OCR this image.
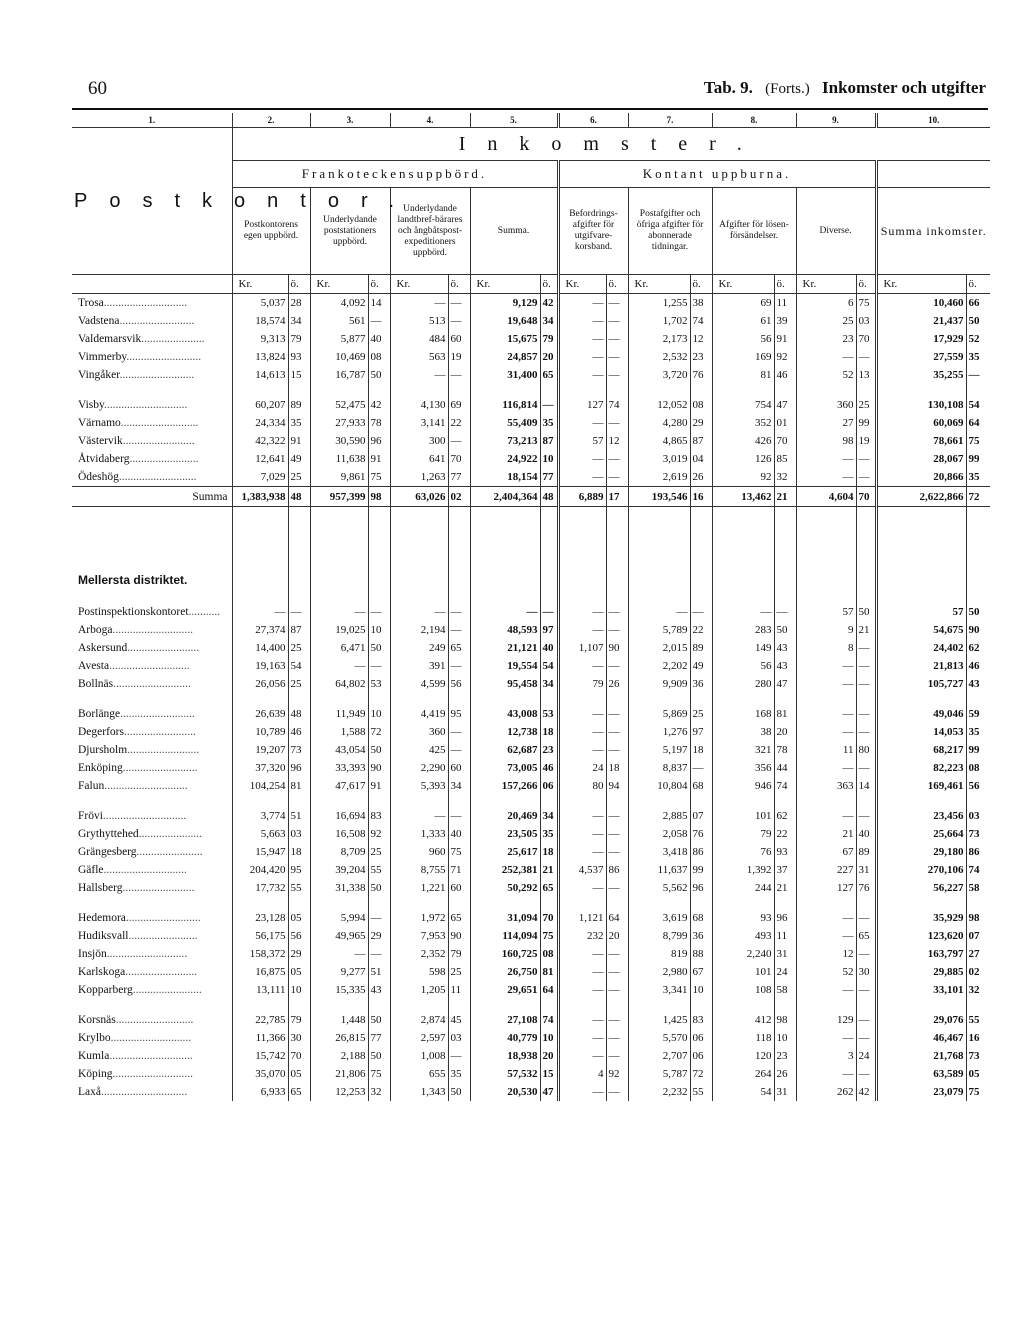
60	Tab. 9. (Forts.) Inkomster och utgifter
1.	2.		3.		4.		5.		6.		7.		8.		9.		10.	
Postkontor.	Inkomster.																	
	Frankoteckensuppbörd.								Kontant uppburna.									
	Postkontorens egen uppbörd.		Underlydande poststationers uppbörd.		Underlydande landtbref-bärares och ångbåtspost-expeditioners uppbörd.		Summa.		Befordrings-afgifter för utgifvare-korsband.		Postafgifter och öfriga afgifter för abonnerade tidningar.		Afgifter för lösen-försändelser.		Diverse.		Summa inkomster.	
	Kr.	ö.	Kr.	ö.	Kr.	ö.	Kr.	ö.	Kr.	ö.	Kr.	ö.	Kr.	ö.	Kr.	ö.	Kr.	ö.
Trosa.............................	5,037	28	4,092	14	—	—	9,129	42	—	—	1,255	38	69	11	6	75	10,460	66
Vadstena..........................	18,574	34	561	—	513	—	19,648	34	—	—	1,702	74	61	39	25	03	21,437	50
Valdemarsvik......................	9,313	79	5,877	40	484	60	15,675	79	—	—	2,173	12	56	91	23	70	17,929	52
Vimmerby..........................	13,824	93	10,469	08	563	19	24,857	20	—	—	2,532	23	169	92	—	—	27,559	35
Vingåker..........................	14,613	15	16,787	50	—	—	31,400	65	—	—	3,720	76	81	46	52	13	35,255	—

Visby.............................	60,207	89	52,475	42	4,130	69	116,814	—	127	74	12,052	08	754	47	360	25	130,108	54
Värnamo...........................	24,334	35	27,933	78	3,141	22	55,409	35	—	—	4,280	29	352	01	27	99	60,069	64
Västervik.........................	42,322	91	30,590	96	300	—	73,213	87	57	12	4,865	87	426	70	98	19	78,661	75
Åtvidaberg........................	12,641	49	11,638	91	641	70	24,922	10	—	—	3,019	04	126	85	—	—	28,067	99
Ödeshög...........................	7,029	25	9,861	75	1,263	77	18,154	77	—	—	2,619	26	92	32	—	—	20,866	35
Summa	1,383,938	48	957,399	98	63,026	02	2,404,364	48	6,889	17	193,546	16	13,462	21	4,604	70	2,622,866	72

Mellersta distriktet.																		

Postinspektionskontoret...........	—	—	—	—	—	—	—	—	—	—	—	—	—	—	57	50	57	50
Arboga............................	27,374	87	19,025	10	2,194	—	48,593	97	—	—	5,789	22	283	50	9	21	54,675	90
Askersund.........................	14,400	25	6,471	50	249	65	21,121	40	1,107	90	2,015	89	149	43	8	—	24,402	62
Avesta............................	19,163	54	—	—	391	—	19,554	54	—	—	2,202	49	56	43	—	—	21,813	46
Bollnäs...........................	26,056	25	64,802	53	4,599	56	95,458	34	79	26	9,909	36	280	47	—	—	105,727	43

Borlänge..........................	26,639	48	11,949	10	4,419	95	43,008	53	—	—	5,869	25	168	81	—	—	49,046	59
Degerfors.........................	10,789	46	1,588	72	360	—	12,738	18	—	—	1,276	97	38	20	—	—	14,053	35
Djursholm.........................	19,207	73	43,054	50	425	—	62,687	23	—	—	5,197	18	321	78	11	80	68,217	99
Enköping..........................	37,320	96	33,393	90	2,290	60	73,005	46	24	18	8,837	—	356	44	—	—	82,223	08
Falun.............................	104,254	81	47,617	91	5,393	34	157,266	06	80	94	10,804	68	946	74	363	14	169,461	56

Frövi.............................	3,774	51	16,694	83	—	—	20,469	34	—	—	2,885	07	101	62	—	—	23,456	03
Grythyttehed......................	5,663	03	16,508	92	1,333	40	23,505	35	—	—	2,058	76	79	22	21	40	25,664	73
Grängesberg.......................	15,947	18	8,709	25	960	75	25,617	18	—	—	3,418	86	76	93	67	89	29,180	86
Gäfle.............................	204,420	95	39,204	55	8,755	71	252,381	21	4,537	86	11,637	99	1,392	37	227	31	270,106	74
Hallsberg.........................	17,732	55	31,338	50	1,221	60	50,292	65	—	—	5,562	96	244	21	127	76	56,227	58

Hedemora..........................	23,128	05	5,994	—	1,972	65	31,094	70	1,121	64	3,619	68	93	96	—	—	35,929	98
Hudiksvall........................	56,175	56	49,965	29	7,953	90	114,094	75	232	20	8,799	36	493	11	—	65	123,620	07
Insjön............................	158,372	29	—	—	2,352	79	160,725	08	—	—	819	88	2,240	31	12	—	163,797	27
Karlskoga.........................	16,875	05	9,277	51	598	25	26,750	81	—	—	2,980	67	101	24	52	30	29,885	02
Kopparberg........................	13,111	10	15,335	43	1,205	11	29,651	64	—	—	3,341	10	108	58	—	—	33,101	32

Korsnäs...........................	22,785	79	1,448	50	2,874	45	27,108	74	—	—	1,425	83	412	98	129	—	29,076	55
Krylbo............................	11,366	30	26,815	77	2,597	03	40,779	10	—	—	5,570	06	118	10	—	—	46,467	16
Kumla.............................	15,742	70	2,188	50	1,008	—	18,938	20	—	—	2,707	06	120	23	3	24	21,768	73
Köping............................	35,070	05	21,806	75	655	35	57,532	15	4	92	5,787	72	264	26	—	—	63,589	05
Laxå..............................	6,933	65	12,253	32	1,343	50	20,530	47	—	—	2,232	55	54	31	262	42	23,079	75
